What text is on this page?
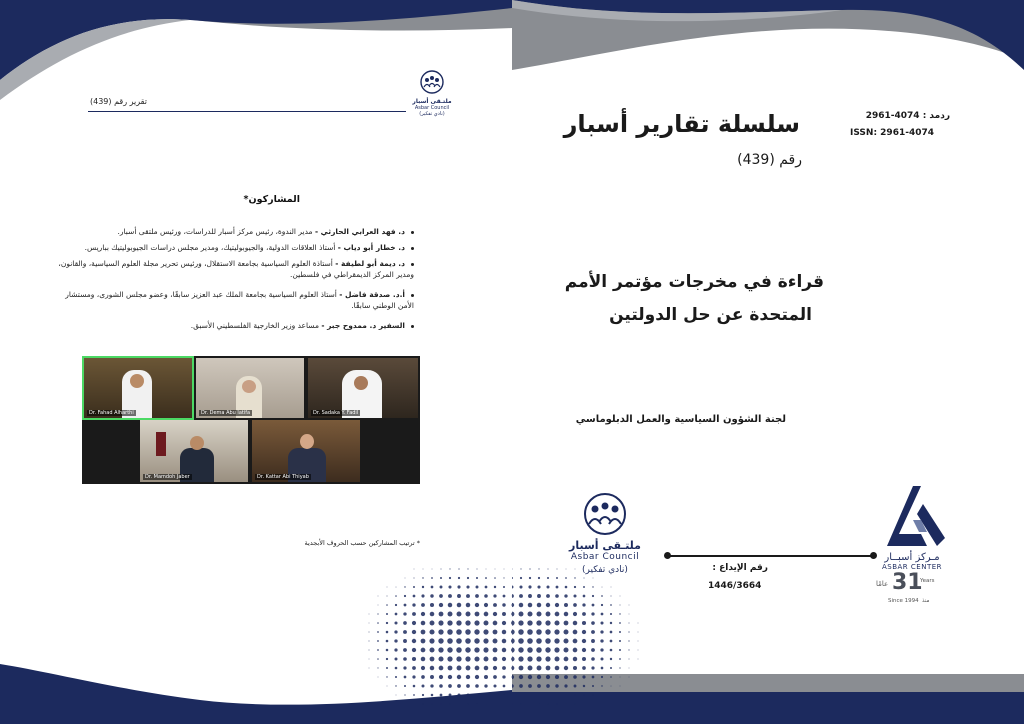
تقرير رقم (439)	ملتـقى أسبار
Asbar Council
(نادي تفكير)
المشاركون*
د. فهد العرابي الحارثي - مدير الندوة، رئيس مركز أسبار للدراسات، ورئيس ملتقى أسبار.
د. خطار أبو دياب - أستاذ العلاقات الدولية، والجيوبوليتيك، ومدير مجلس دراسات الجيوبوليتيك بباريس.
د. ديمة أبو لطيفة - أستاذة العلوم السياسية بجامعة الاستقلال، ورئيس تحرير مجلة العلوم السياسية، والقانون، ومدير المركز الديمقراطي في فلسطين.
أ.د. صدقة فاضل - أستاذ العلوم السياسية بجامعة الملك عبد العزيز سابقًا، وعضو مجلس الشورى، ومستشار الأمن الوطني سابقًا.
السفير د. ممدوح جبر - مساعد وزير الخارجية الفلسطيني الأسبق.
Dr. Fahad Alharthi	Dr. Dema Abu latifa	Dr. Sadaka Y. Fadil
Dr. Mamdoh Jaber	Dr. Kattar Abi Thiyab
* ترتيب المشاركين حسب الحروف الأبجدية
ردمد : 4074-2961
ISSN: 2961-4074
سلسلة تقارير أسبار
رقم (439)
قراءة في مخرجات مؤتمر الأمم
المتحدة عن حل الدولتين
لجنة الشؤون السياسية والعمل الدبلوماسي
ملتـقى أسبار
Asbar Council
(نادي تفكير)	رقم الإيداع :
1446/3664
مـركز أسبــار
ASBAR CENTER
عامًا 31
Years
Since 1994 منذ
